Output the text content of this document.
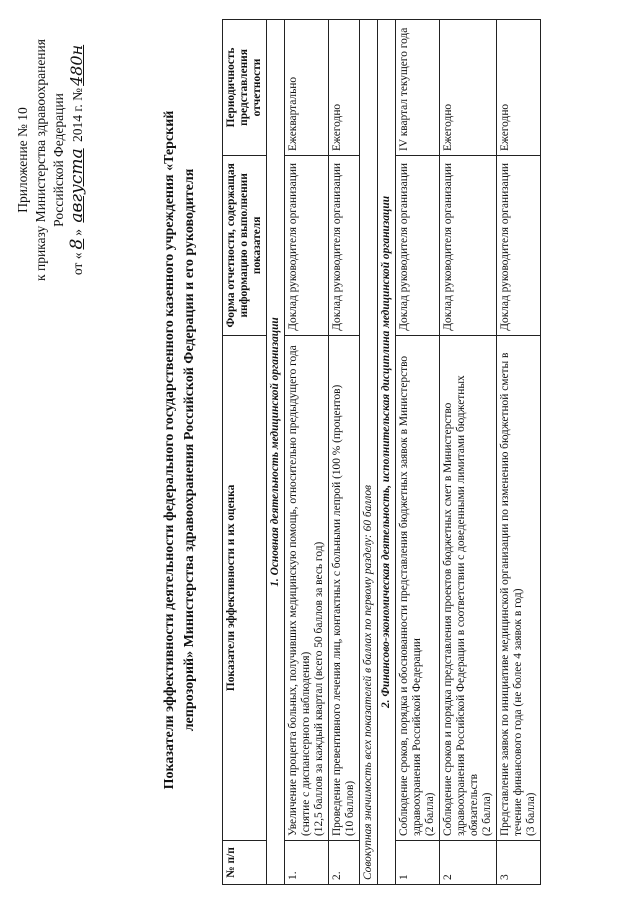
Приложение № 10 к приказу Министерства здравоохранения Российской Федерации
от «8» августа 2014 г. №480н
Показатели эффективности деятельности федерального государственного казенного учреждения «Терский лепрозорий» Министерства здравоохранения Российской Федерации и его руководителя
№ п/п	Показатели эффективности и их оценка	Форма отчетности, содержащая информацию о выполнении показателя	Периодичность представления отчетности
1. Основная деятельность медицинской организации			
1.	Увеличение процента больных, получивших медицинскую помощь, относительно предыдущего года (снятие с диспансерного наблюдения) (12,5 баллов за каждый квартал (всего 50 баллов за весь год)	Доклад руководителя организации	Ежеквартально
2.	Проведение превентивного лечения лиц, контактных с больными лепрой (100 % (процентов) (10 баллов)	Доклад руководителя организации	Ежегодно
Совокупная значимость всех показателей в баллах по первому разделу: 60 баллов			
2. Финансово-экономическая деятельность, исполнительская дисциплина медицинской организации			
1	Соблюдение сроков, порядка и обоснованности представления бюджетных заявок в Министерство здравоохранения Российской Федерации (2 балла)	Доклад руководителя организации	IV квартал текущего года
2	Соблюдение сроков и порядка представления проектов бюджетных смет в Министерство здравоохранения Российской Федерации в соответствии с доведенными лимитами бюджетных обязательств (2 балла)	Доклад руководителя организации	Ежегодно
3	Представление заявок по инициативе медицинской организации по изменению бюджетной сметы в течение финансового года (не более 4 заявок в год) (3 балла)	Доклад руководителя организации	Ежегодно
